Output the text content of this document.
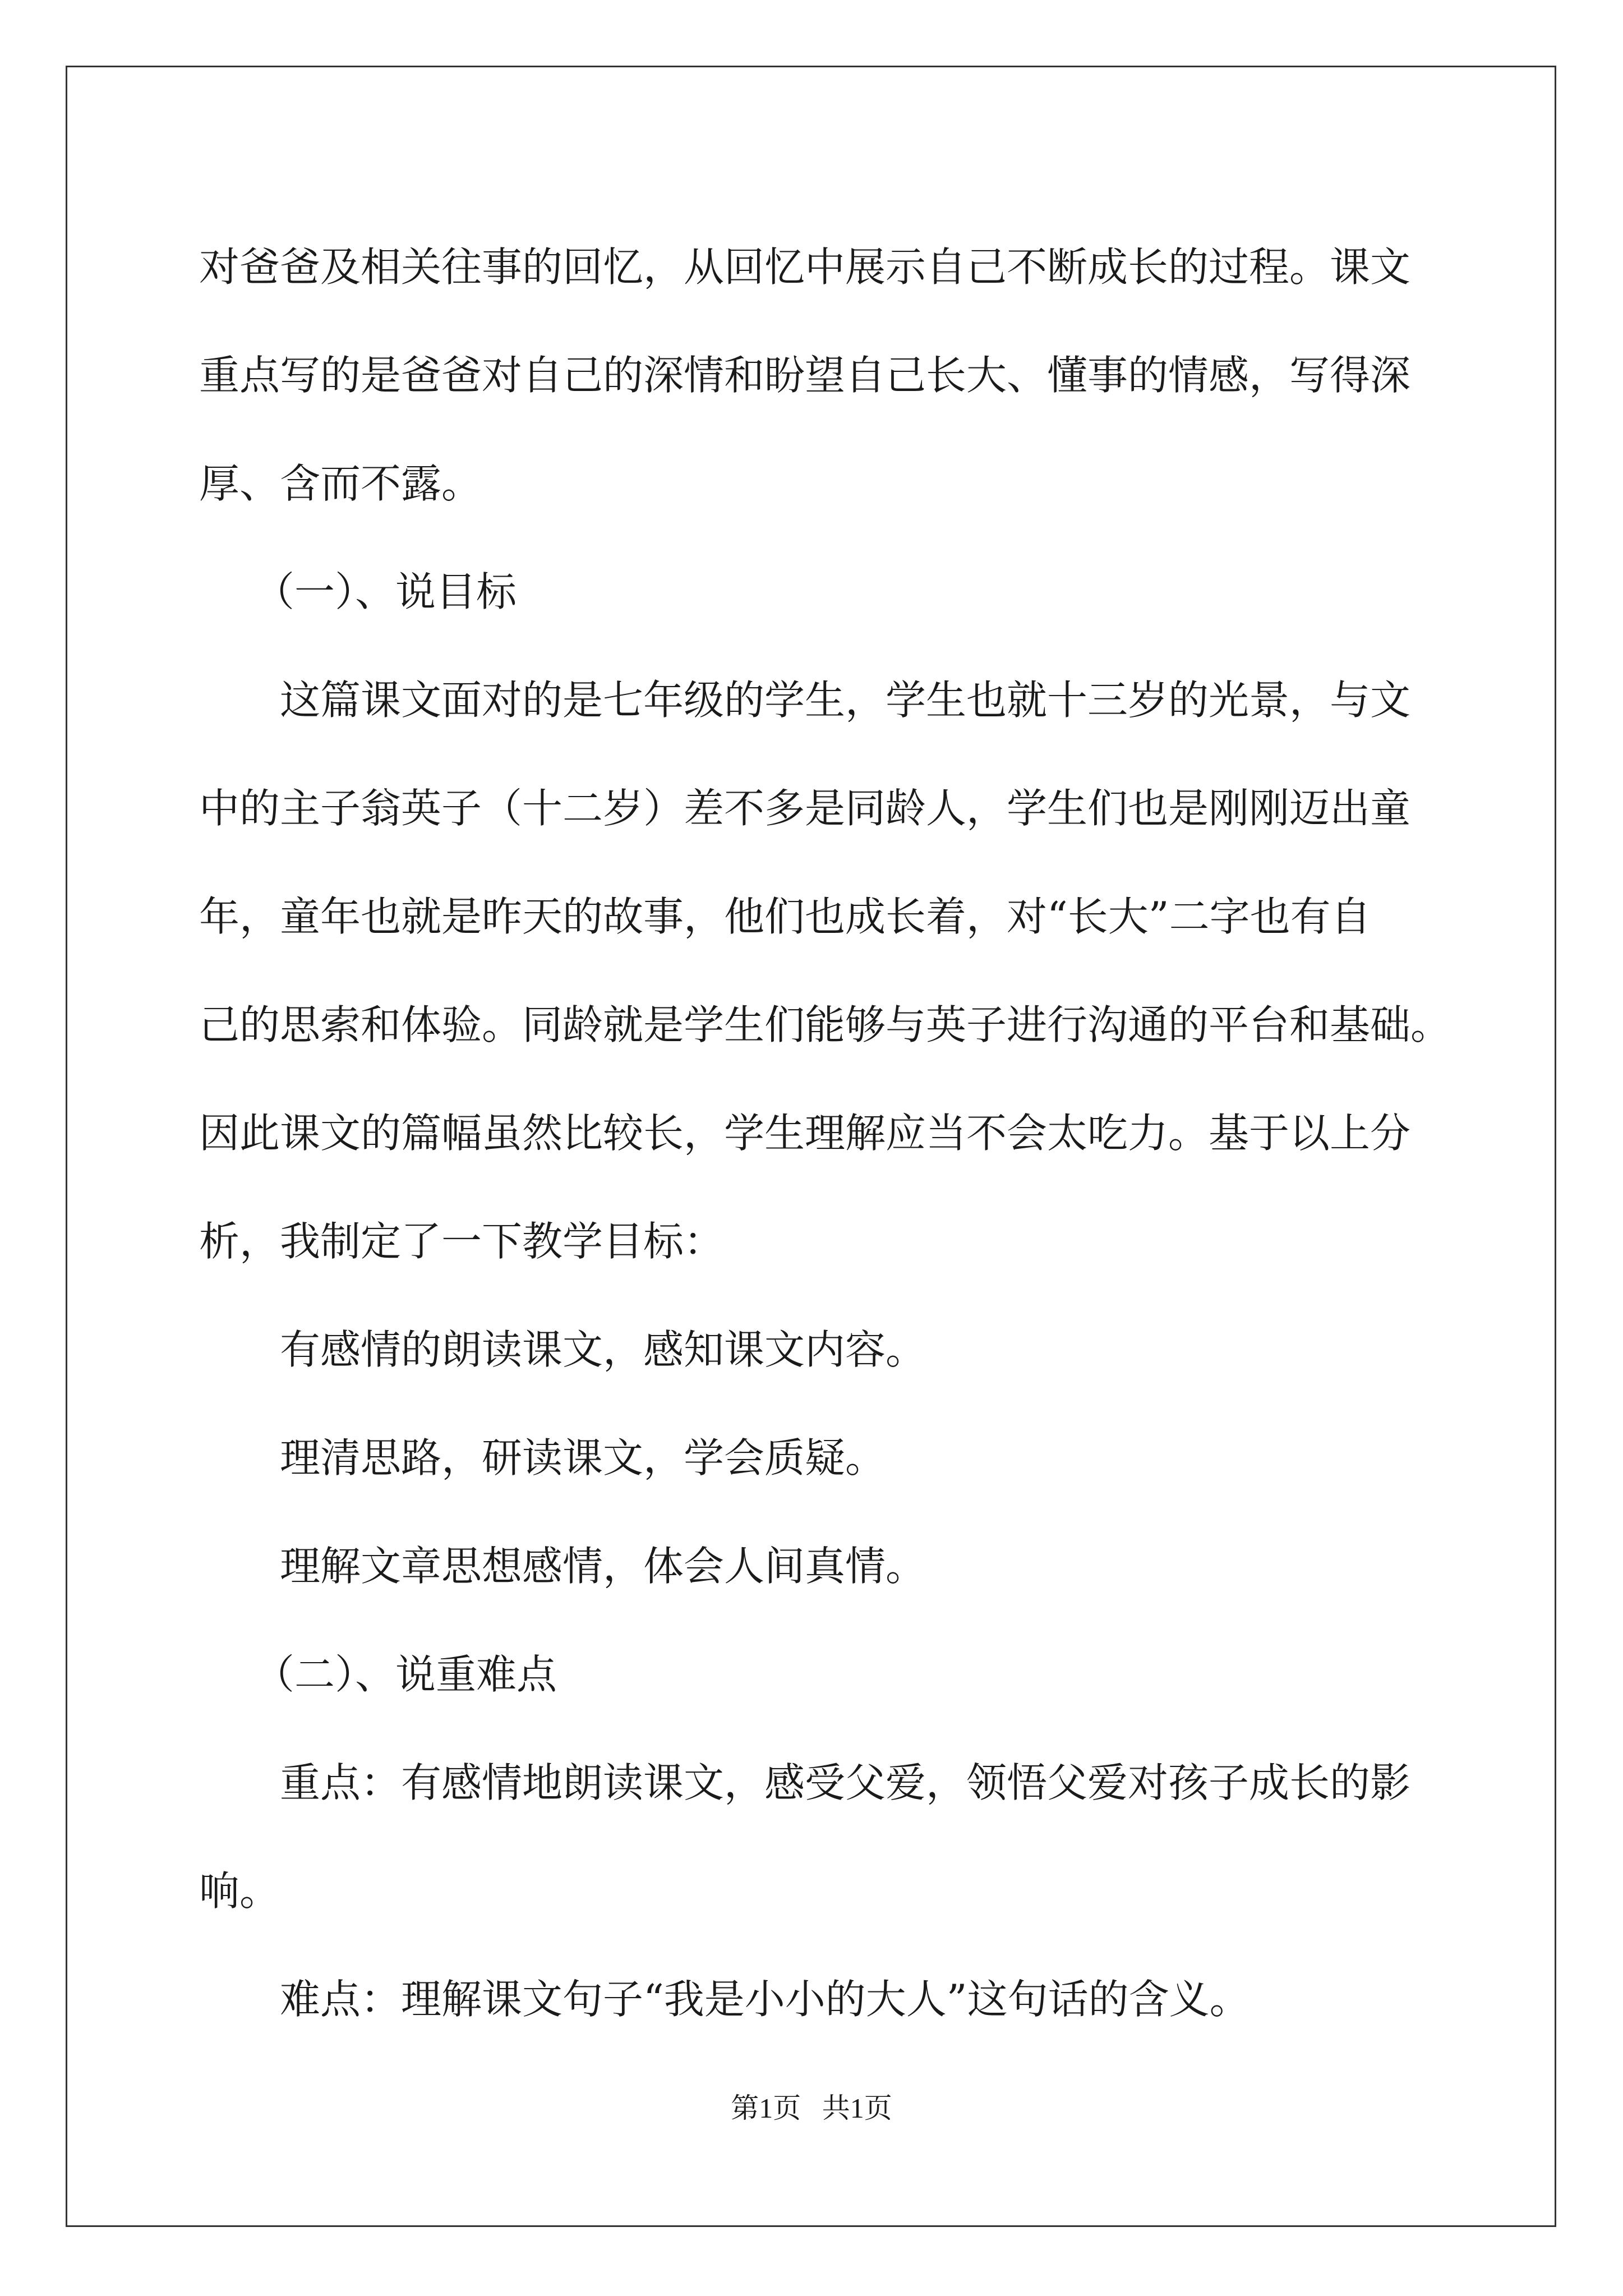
对爸爸及相关往事的回忆，从回忆中展示自己不断成长的过程。课文
重点写的是爸爸对自己的深情和盼望自己长大、懂事的情感，写得深
厚、含而不露。
（一）、说目标
这篇课文面对的是七年级的学生，学生也就十三岁的光景，与文
中的主子翁英子（十二岁）差不多是同龄人，学生们也是刚刚迈出童
年，童年也就是昨天的故事，他们也成长着，对“长大”二字也有自
己的思索和体验。同龄就是学生们能够与英子进行沟通的平台和基础。
因此课文的篇幅虽然比较长，学生理解应当不会太吃力。基于以上分
析，我制定了一下教学目标：
有感情的朗读课文，感知课文内容。
理清思路，研读课文，学会质疑。
理解文章思想感情，体会人间真情。
（二）、说重难点
重点：有感情地朗读课文，感受父爱，领悟父爱对孩子成长的影
响。
难点：理解课文句子“我是小小的大人”这句话的含义。
第1页 共1页
